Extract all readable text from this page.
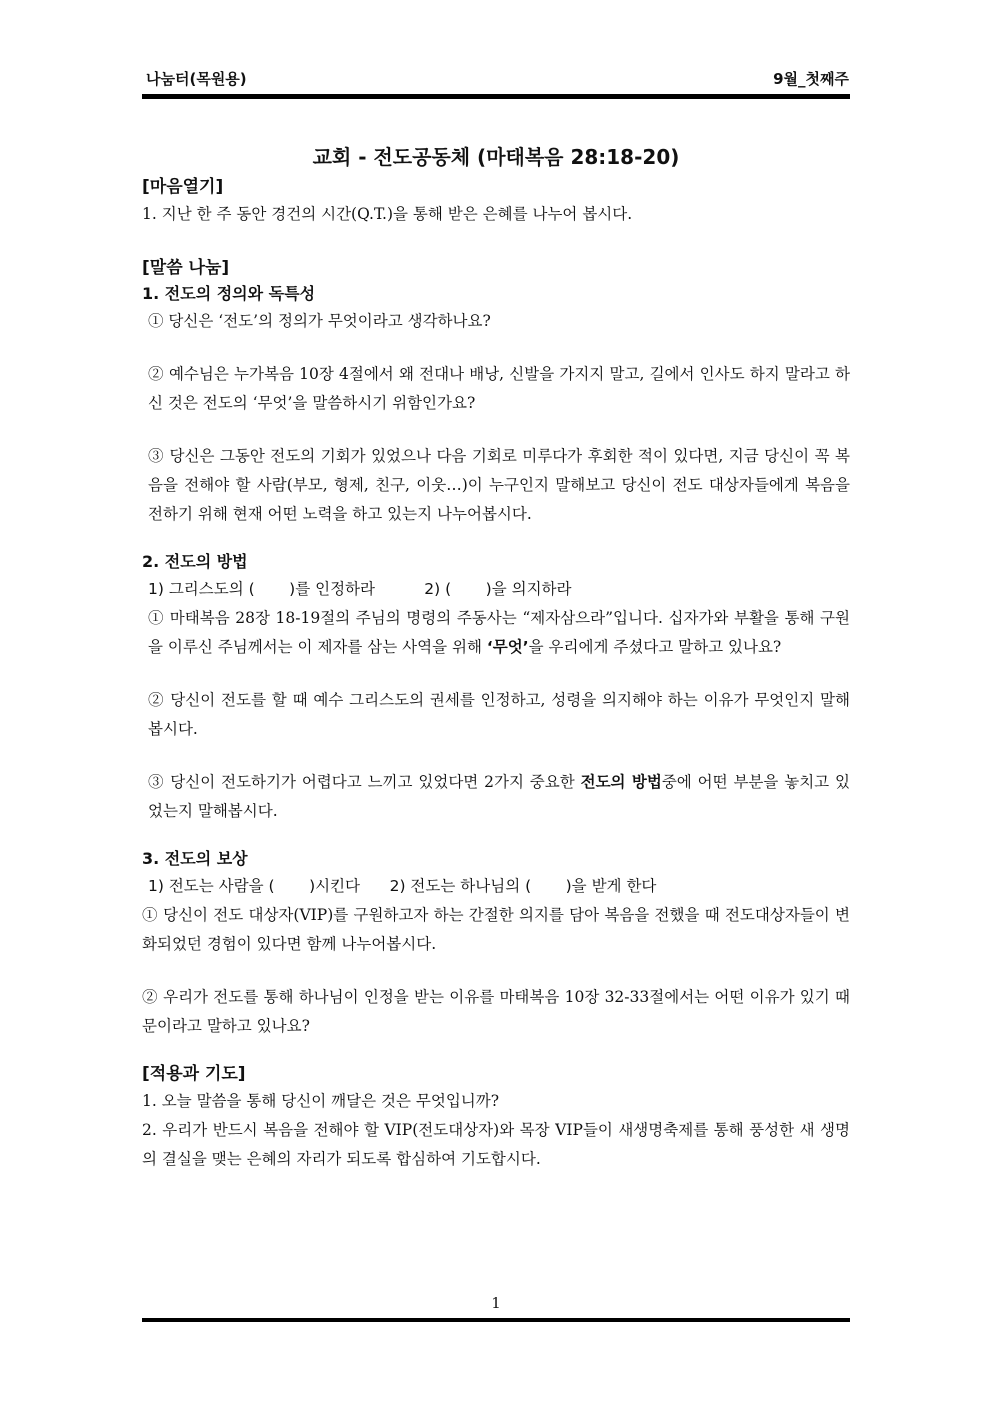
나눔터(목원용)	9월_첫째주
교회 - 전도공동체 (마태복음 28:18-20)
[마음열기]

1. 지난 한 주 동안 경건의 시간(Q.T.)을 통해 받은 은혜를 나누어 봅시다.

[말씀 나눔]
1. 전도의 정의와 독특성

① 당신은 ‘전도’의 정의가 무엇이라고 생각하나요?

② 예수님은 누가복음 10장 4절에서 왜 전대나 배낭, 신발을 가지지 말고, 길에서 인사도 하지 말라고 하신 것은 전도의 ‘무엇’을 말씀하시기 위함인가요?

③ 당신은 그동안 전도의 기회가 있었으나 다음 기회로 미루다가 후회한 적이 있다면, 지금 당신이 꼭 복음을 전해야 할 사람(부모, 형제, 친구, 이웃…)이 누구인지 말해보고 당신이 전도 대상자들에게 복음을 전하기 위해 현재 어떤 노력을 하고 있는지 나누어봅시다.

2. 전도의 방법

1) 그리스도의 (       )를 인정하라          2) (       )을 의지하라

① 마태복음 28장 18-19절의 주님의 명령의 주동사는 “제자삼으라”입니다. 십자가와 부활을 통해 구원을 이루신 주님께서는 이 제자를 삼는 사역을 위해 ‘무엇’을 우리에게 주셨다고 말하고 있나요?

② 당신이 전도를 할 때 예수 그리스도의 권세를 인정하고, 성령을 의지해야 하는 이유가 무엇인지 말해봅시다.

③ 당신이 전도하기가 어렵다고 느끼고 있었다면 2가지 중요한 전도의 방법중에 어떤 부분을 놓치고 있었는지 말해봅시다.

3. 전도의 보상

1) 전도는 사람을 (       )시킨다      2) 전도는 하나님의 (       )을 받게 한다

① 당신이 전도 대상자(VIP)를 구원하고자 하는 간절한 의지를 담아 복음을 전했을 때 전도대상자들이 변화되었던 경험이 있다면 함께 나누어봅시다.

② 우리가 전도를 통해 하나님이 인정을 받는 이유를 마태복음 10장 32-33절에서는 어떤 이유가 있기 때문이라고 말하고 있나요?

[적용과 기도]

1. 오늘 말씀을 통해 당신이 깨달은 것은 무엇입니까?

2. 우리가 반드시 복음을 전해야 할 VIP(전도대상자)와 목장 VIP들이 새생명축제를 통해 풍성한 새 생명의 결실을 맺는 은혜의 자리가 되도록 합심하여 기도합시다.

1
